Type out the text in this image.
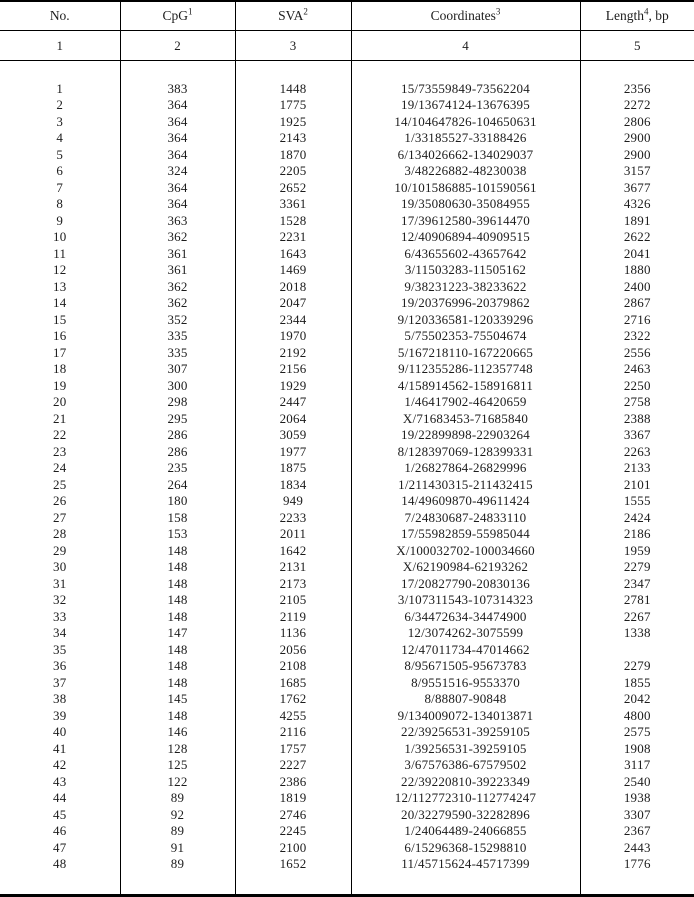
No.	CpG$^1$	SVA$^2$	Coordinates$^3$	Length$^4$, bp
1	2	3	4	5

1	383	1448	15/73559849-73562204	2356
2	364	1775	19/13674124-13676395	2272
3	364	1925	14/104647826-104650631	2806
4	364	2143	1/33185527-33188426	2900
5	364	1870	6/134026662-134029037	2900
6	324	2205	3/48226882-48230038	3157
7	364	2652	10/101586885-101590561	3677
8	364	3361	19/35080630-35084955	4326
9	363	1528	17/39612580-39614470	1891
10	362	2231	12/40906894-40909515	2622
11	361	1643	6/43655602-43657642	2041
12	361	1469	3/11503283-11505162	1880
13	362	2018	9/38231223-38233622	2400
14	362	2047	19/20376996-20379862	2867
15	352	2344	9/120336581-120339296	2716
16	335	1970	5/75502353-75504674	2322
17	335	2192	5/167218110-167220665	2556
18	307	2156	9/112355286-112357748	2463
19	300	1929	4/158914562-158916811	2250
20	298	2447	1/46417902-46420659	2758
21	295	2064	X/71683453-71685840	2388
22	286	3059	19/22899898-22903264	3367
23	286	1977	8/128397069-128399331	2263
24	235	1875	1/26827864-26829996	2133
25	264	1834	1/211430315-211432415	2101
26	180	949	14/49609870-49611424	1555
27	158	2233	7/24830687-24833110	2424
28	153	2011	17/55982859-55985044	2186
29	148	1642	X/100032702-100034660	1959
30	148	2131	X/62190984-62193262	2279
31	148	2173	17/20827790-20830136	2347
32	148	2105	3/107311543-107314323	2781
33	148	2119	6/34472634-34474900	2267
34	147	1136	12/3074262-3075599	1338
35	148	2056	12/47011734-47014662	
36	148	2108	8/95671505-95673783	2279
37	148	1685	8/9551516-9553370	1855
38	145	1762	8/88807-90848	2042
39	148	4255	9/134009072-134013871	4800
40	146	2116	22/39256531-39259105	2575
41	128	1757	1/39256531-39259105	1908
42	125	2227	3/67576386-67579502	3117
43	122	2386	22/39220810-39223349	2540
44	89	1819	12/112772310-112774247	1938
45	92	2746	20/32279590-32282896	3307
46	89	2245	1/24064489-24066855	2367
47	91	2100	6/15296368-15298810	2443
48	89	1652	11/45715624-45717399	1776
